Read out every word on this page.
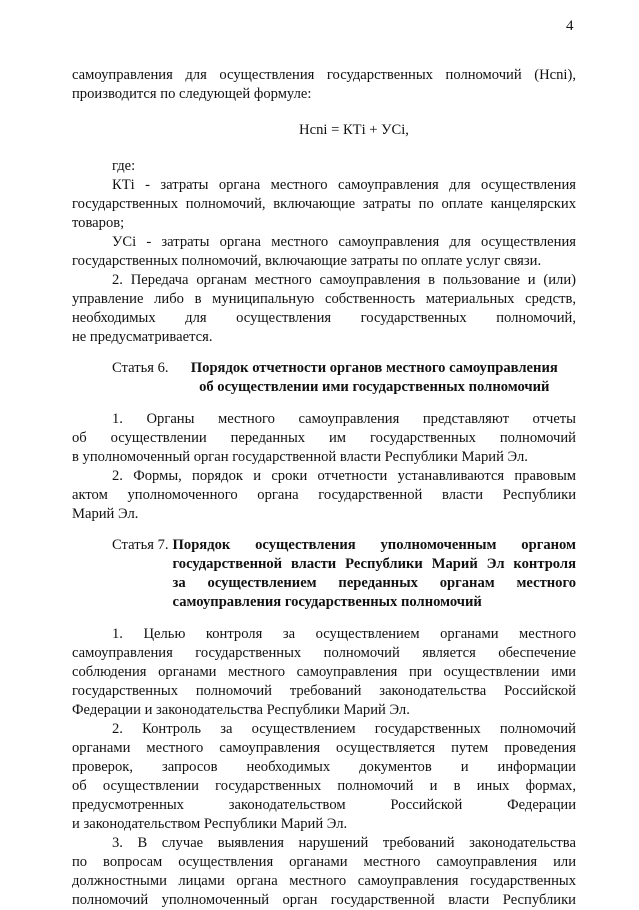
4

самоуправления для осуществления государственных полномочий (Нсni),

производится по следующей формуле:

Нсni = КТi + УСi,

где:

КТi - затраты органа местного самоуправления для осуществления

государственных полномочий, включающие затраты по оплате канцелярских

товаров;

УСi - затраты органа местного самоуправления для осуществления

государственных полномочий, включающие затраты по оплате услуг связи.

2. Передача органам местного самоуправления в пользование и (или)

управление либо в муниципальную собственность материальных средств,

необходимых для осуществления государственных полномочий,

не предусматривается.

Статья 6.	Порядок отчетности органов местного самоуправления
об осуществлении ими государственных полномочий

1. Органы местного самоуправления представляют отчеты

об осуществлении переданных им государственных полномочий

в уполномоченный орган государственной власти Республики Марий Эл.

2. Формы, порядок и сроки отчетности устанавливаются правовым

актом уполномоченного органа государственной власти Республики

Марий Эл.

Статья 7. Порядок осуществления уполномоченным органом
государственной власти Республики Марий Эл контроля
за осуществлением переданных органам местного
самоуправления государственных полномочий

1. Целью контроля за осуществлением органами местного

самоуправления государственных полномочий является обеспечение

соблюдения органами местного самоуправления при осуществлении ими

государственных полномочий требований законодательства Российской

Федерации и законодательства Республики Марий Эл.

2. Контроль за осуществлением государственных полномочий

органами местного самоуправления осуществляется путем проведения

проверок, запросов необходимых документов и информации

об осуществлении государственных полномочий и в иных формах,

предусмотренных законодательством Российской Федерации

и законодательством Республики Марий Эл.

3. В случае выявления нарушений требований законодательства

по вопросам осуществления органами местного самоуправления или

должностными лицами органа местного самоуправления государственных

полномочий уполномоченный орган государственной власти Республики
